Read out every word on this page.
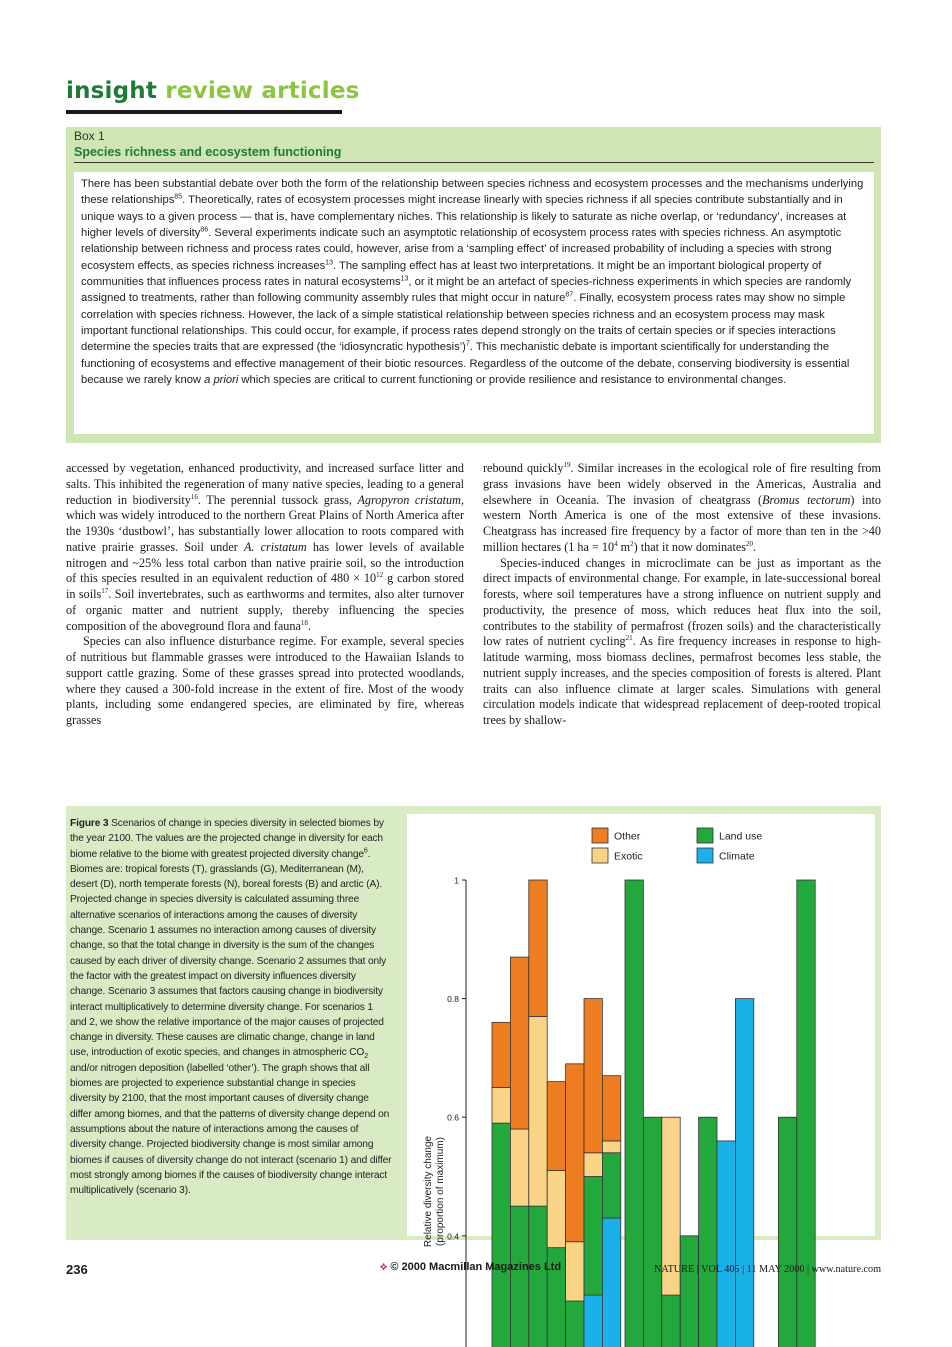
insight review articles
Box 1
Species richness and ecosystem functioning
There has been substantial debate over both the form of the relationship between species richness and ecosystem processes and the mechanisms underlying these relationships$^{85}$. Theoretically, rates of ecosystem processes might increase linearly with species richness if all species contribute substantially and in unique ways to a given process — that is, have complementary niches. This relationship is likely to saturate as niche overlap, or ‘redundancy’, increases at higher levels of diversity$^{86}$. Several experiments indicate such an asymptotic relationship of ecosystem process rates with species richness. An asymptotic relationship between richness and process rates could, however, arise from a ‘sampling effect’ of increased probability of including a species with strong ecosystem effects, as species richness increases$^{13}$. The sampling effect has at least two interpretations. It might be an important biological property of communities that influences process rates in natural ecosystems$^{13}$, or it might be an artefact of species-richness experiments in which species are randomly assigned to treatments, rather than following community assembly rules that might occur in nature$^{87}$. Finally, ecosystem process rates may show no simple correlation with species richness. However, the lack of a simple statistical relationship between species richness and an ecosystem process may mask important functional relationships. This could occur, for example, if process rates depend strongly on the traits of certain species or if species interactions determine the species traits that are expressed (the ‘idiosyncratic hypothesis’)$^7$. This mechanistic debate is important scientifically for understanding the functioning of ecosystems and effective management of their biotic resources. Regardless of the outcome of the debate, conserving biodiversity is essential because we rarely know a priori which species are critical to current functioning or provide resilience and resistance to environmental changes.

accessed by vegetation, enhanced productivity, and increased surface litter and salts. This inhibited the regeneration of many native species, leading to a general reduction in biodiversity$^{16}$. The perennial tussock grass, Agropyron cristatum, which was widely introduced to the northern Great Plains of North America after the 1930s ‘dustbowl’, has substantially lower allocation to roots compared with native prairie grasses. Soil under A. cristatum has lower levels of available nitrogen and ~25% less total carbon than native prairie soil, so the introduction of this species resulted in an equivalent reduction of $480 \times 10^{12}$ g carbon stored in soils$^{17}$. Soil invertebrates, such as earthworms and termites, also alter turnover of organic matter and nutrient supply, thereby influencing the species composition of the aboveground flora and fauna$^{18}$.

Species can also influence disturbance regime. For example, several species of nutritious but flammable grasses were introduced to the Hawaiian Islands to support cattle grazing. Some of these grasses spread into protected woodlands, where they caused a 300-fold increase in the extent of fire. Most of the woody plants, including some endangered species, are eliminated by fire, whereas grasses

rebound quickly$^{19}$. Similar increases in the ecological role of fire resulting from grass invasions have been widely observed in the Americas, Australia and elsewhere in Oceania. The invasion of cheatgrass (Bromus tectorum) into western North America is one of the most extensive of these invasions. Cheatgrass has increased fire frequency by a factor of more than ten in the >40 million hectares (1 ha = $10^4$ $m^2$) that it now dominates$^{20}$.

Species-induced changes in microclimate can be just as important as the direct impacts of environmental change. For example, in late-successional boreal forests, where soil temperatures have a strong influence on nutrient supply and productivity, the presence of moss, which reduces heat flux into the soil, contributes to the stability of permafrost (frozen soils) and the characteristically low rates of nutrient cycling$^{21}$. As fire frequency increases in response to high-latitude warming, moss biomass declines, permafrost becomes less stable, the nutrient supply increases, and the species composition of forests is altered. Plant traits can also influence climate at larger scales. Simulations with general circulation models indicate that widespread replacement of deep-rooted tropical trees by shallow-

Figure 3 Scenarios of change in species diversity in selected biomes by the year 2100. The values are the projected change in diversity for each biome relative to the biome with greatest projected diversity change$^6$. Biomes are: tropical forests (T), grasslands (G), Mediterranean (M), desert (D), north temperate forests (N), boreal forests (B) and arctic (A). Projected change in species diversity is calculated assuming three alternative scenarios of interactions among the causes of diversity change. Scenario 1 assumes no interaction among causes of diversity change, so that the total change in diversity is the sum of the changes caused by each driver of diversity change. Scenario 2 assumes that only the factor with the greatest impact on diversity influences diversity change. Scenario 3 assumes that factors causing change in biodiversity interact multiplicatively to determine diversity change. For scenarios 1 and 2, we show the relative importance of the major causes of projected change in diversity. These causes are climatic change, change in land use, introduction of exotic species, and changes in atmospheric $CO_2$ and/or nitrogen deposition (labelled ‘other’). The graph shows that all biomes are projected to experience substantial change in species diversity by 2100, that the most important causes of diversity change differ among biomes, and that the patterns of diversity change depend on assumptions about the nature of interactions among the causes of diversity change. Projected biodiversity change is most similar among biomes if causes of diversity change do not interact (scenario 1) and differ most strongly among biomes if the causes of biodiversity change interact multiplicatively (scenario 3).
0.4
0.6
0.8
1
Relative diversity change (proportion of maximum)
Other	Land use
Exotic	Climate
236	⟡ © 2000 Macmillan Magazines Ltd	NATURE | VOL 405 | 11 MAY 2000 | www.nature.com
